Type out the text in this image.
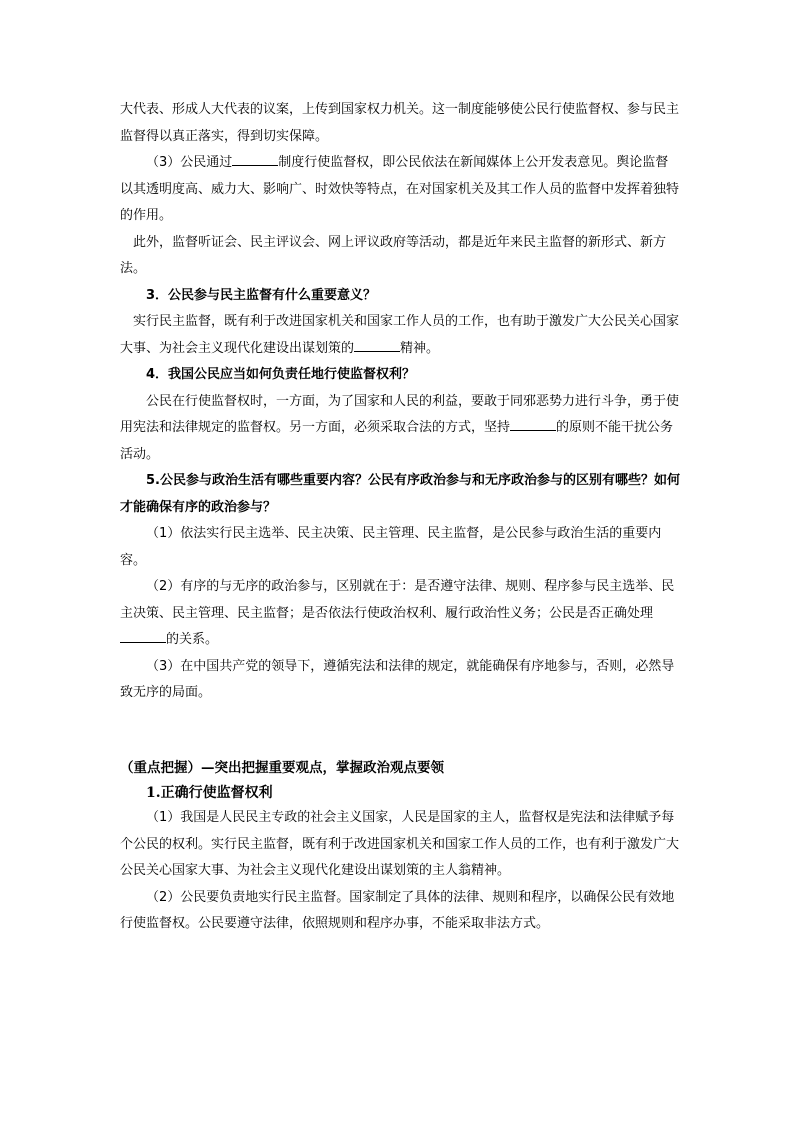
大代表、形成人大代表的议案，上传到国家权力机关。这一制度能够使公民行使监督权、参与民主监督得以真正落实，得到切实保障。

（3）公民通过	制度行使监督权，即公民依法在新闻媒体上公开发表意见。舆论监督以其透明度高、威力大、影响广、时效快等特点，在对国家机关及其工作人员的监督中发挥着独特的作用。

此外，监督听证会、民主评议会、网上评议政府等活动，都是近年来民主监督的新形式、新方法。

3．公民参与民主监督有什么重要意义？

实行民主监督，既有利于改进国家机关和国家工作人员的工作，也有助于激发广大公民关心国家大事、为社会主义现代化建设出谋划策的	精神。

4．我国公民应当如何负责任地行使监督权利？

公民在行使监督权时，一方面，为了国家和人民的利益，要敢于同邪恶势力进行斗争，勇于使用宪法和法律规定的监督权。另一方面，必须采取合法的方式，坚持	的原则不能干扰公务活动。

5.公民参与政治生活有哪些重要内容？公民有序政治参与和无序政治参与的区别有哪些？如何才能确保有序的政治参与？

（1）依法实行民主选举、民主决策、民主管理、民主监督，是公民参与政治生活的重要内容。

（2）有序的与无序的政治参与，区别就在于：是否遵守法律、规则、程序参与民主选举、民主决策、民主管理、民主监督；是否依法行使政治权利、履行政治性义务；公民是否正确处理的关系。

（3）在中国共产党的领导下，遵循宪法和法律的规定，就能确保有序地参与，否则，必然导致无序的局面。

（重点把握）—突出把握重要观点，掌握政治观点要领

1.正确行使监督权利

（1）我国是人民民主专政的社会主义国家，人民是国家的主人，监督权是宪法和法律赋予每个公民的权利。实行民主监督，既有利于改进国家机关和国家工作人员的工作，也有利于激发广大公民关心国家大事、为社会主义现代化建设出谋划策的主人翁精神。

（2）公民要负责地实行民主监督。国家制定了具体的法律、规则和程序，以确保公民有效地行使监督权。公民要遵守法律，依照规则和程序办事，不能采取非法方式。
